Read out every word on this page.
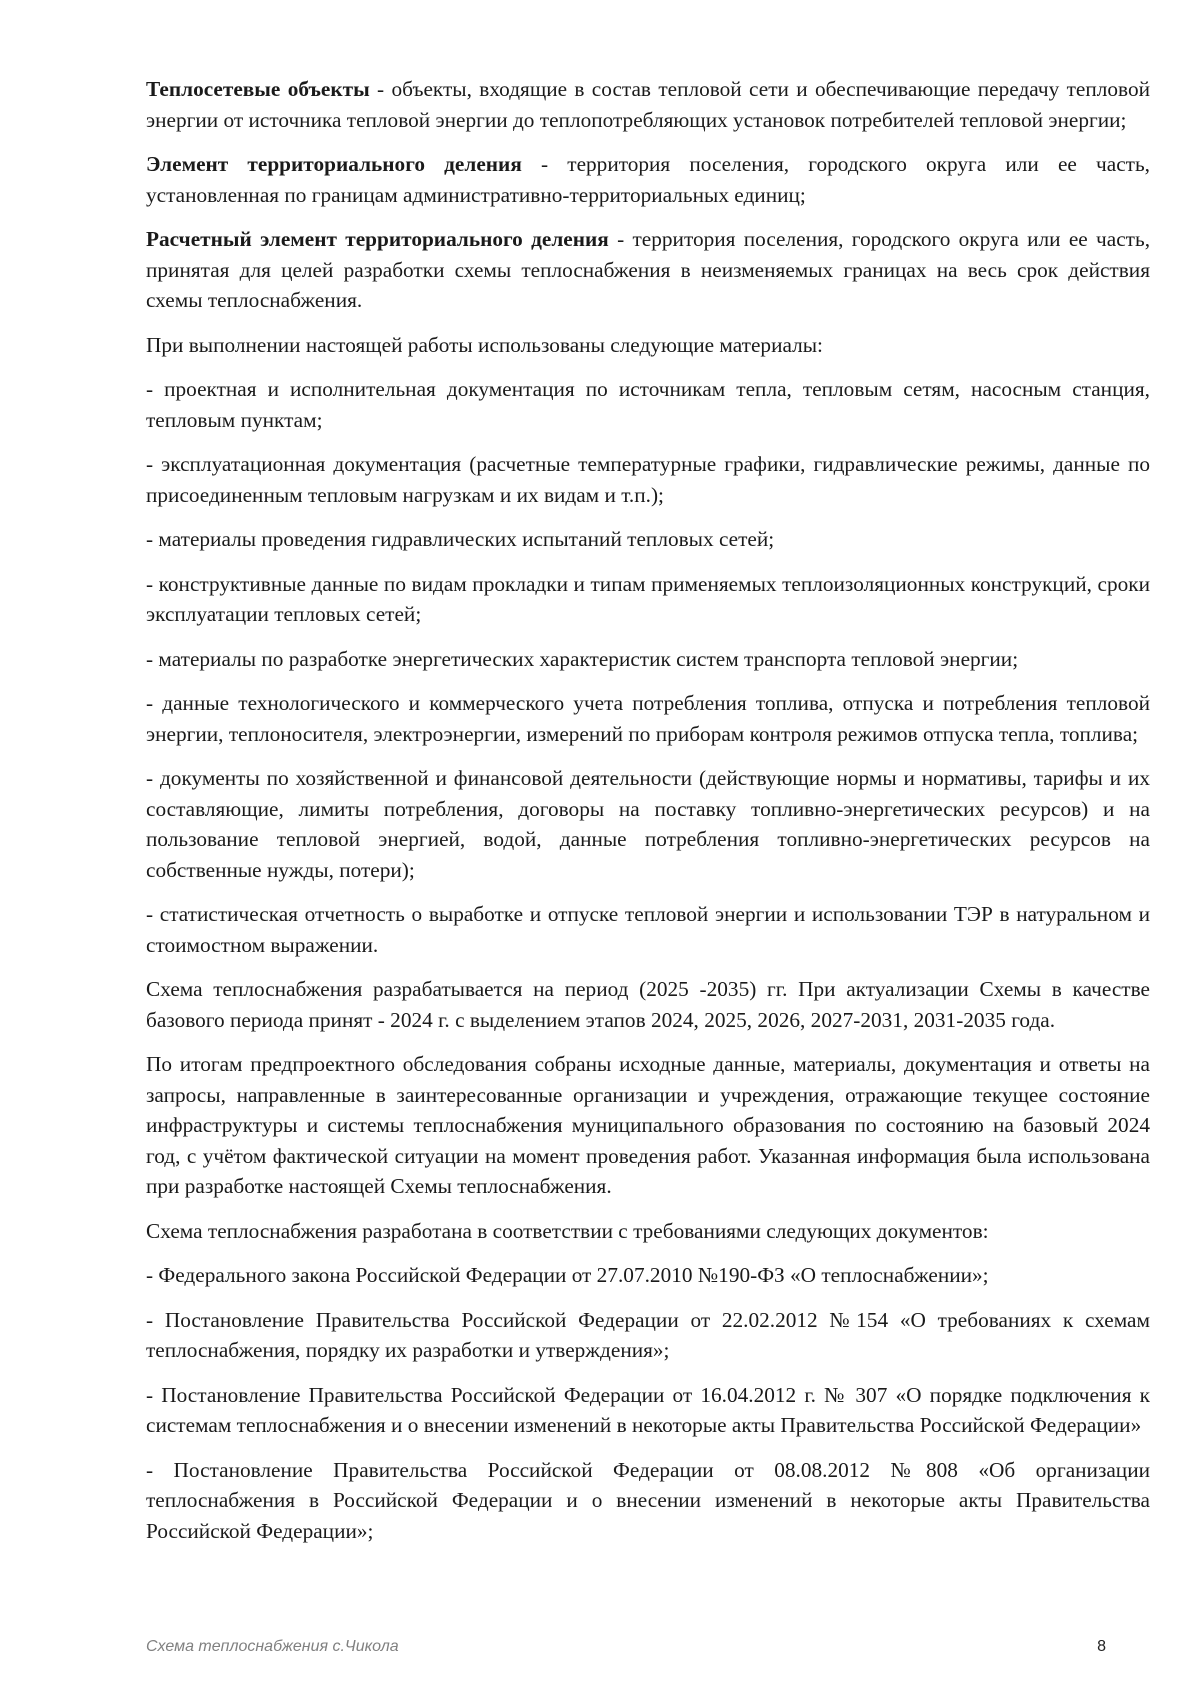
Теплосетевые объекты - объекты, входящие в состав тепловой сети и обеспечивающие передачу тепловой энергии от источника тепловой энергии до теплопотребляющих установок потребителей тепловой энергии;

Элемент территориального деления - территория поселения, городского округа или ее часть, установленная по границам административно-территориальных единиц;

Расчетный элемент территориального деления - территория поселения, городского округа или ее часть, принятая для целей разработки схемы теплоснабжения в неизменяемых границах на весь срок действия схемы теплоснабжения.

При выполнении настоящей работы использованы следующие материалы:

- проектная и исполнительная документация по источникам тепла, тепловым сетям, насосным станция, тепловым пунктам;

- эксплуатационная документация (расчетные температурные графики, гидравлические режимы, данные по присоединенным тепловым нагрузкам и их видам и т.п.);

- материалы проведения гидравлических испытаний тепловых сетей;

- конструктивные данные по видам прокладки и типам применяемых теплоизоляционных конструкций, сроки эксплуатации тепловых сетей;

- материалы по разработке энергетических характеристик систем транспорта тепловой энергии;

- данные технологического и коммерческого учета потребления топлива, отпуска и потребления тепловой энергии, теплоносителя, электроэнергии, измерений по приборам контроля режимов отпуска тепла, топлива;

- документы по хозяйственной и финансовой деятельности (действующие нормы и нормативы, тарифы и их составляющие, лимиты потребления, договоры на поставку топливно-энергетических ресурсов) и на пользование тепловой энергией, водой, данные потребления топливно-энергетических ресурсов на собственные нужды, потери);

- статистическая отчетность о выработке и отпуске тепловой энергии и использовании ТЭР в натуральном и стоимостном выражении.

Схема теплоснабжения разрабатывается на период (2025 -2035) гг. При актуализации Схемы в качестве базового периода принят - 2024 г. с выделением этапов 2024, 2025, 2026, 2027-2031, 2031-2035 года.

По итогам предпроектного обследования собраны исходные данные, материалы, документация и ответы на запросы, направленные в заинтересованные организации и учреждения, отражающие текущее состояние инфраструктуры и системы теплоснабжения муниципального образования по состоянию на базовый 2024 год, с учётом фактической ситуации на момент проведения работ. Указанная информация была использована при разработке настоящей Схемы теплоснабжения.

Схема теплоснабжения разработана в соответствии с требованиями следующих документов:

- Федерального закона Российской Федерации от 27.07.2010 №190-ФЗ «О теплоснабжении»;

- Постановление Правительства Российской Федерации от 22.02.2012 №154 «О требованиях к схемам теплоснабжения, порядку их разработки и утверждения»;

- Постановление Правительства Российской Федерации от 16.04.2012 г. № 307 «О порядке подключения к системам теплоснабжения и о внесении изменений в некоторые акты Правительства Российской Федерации»

- Постановление Правительства Российской Федерации от 08.08.2012 №808 «Об организации теплоснабжения в Российской Федерации и о внесении изменений в некоторые акты Правительства Российской Федерации»;

Схема теплоснабжения с.Чикола	8
